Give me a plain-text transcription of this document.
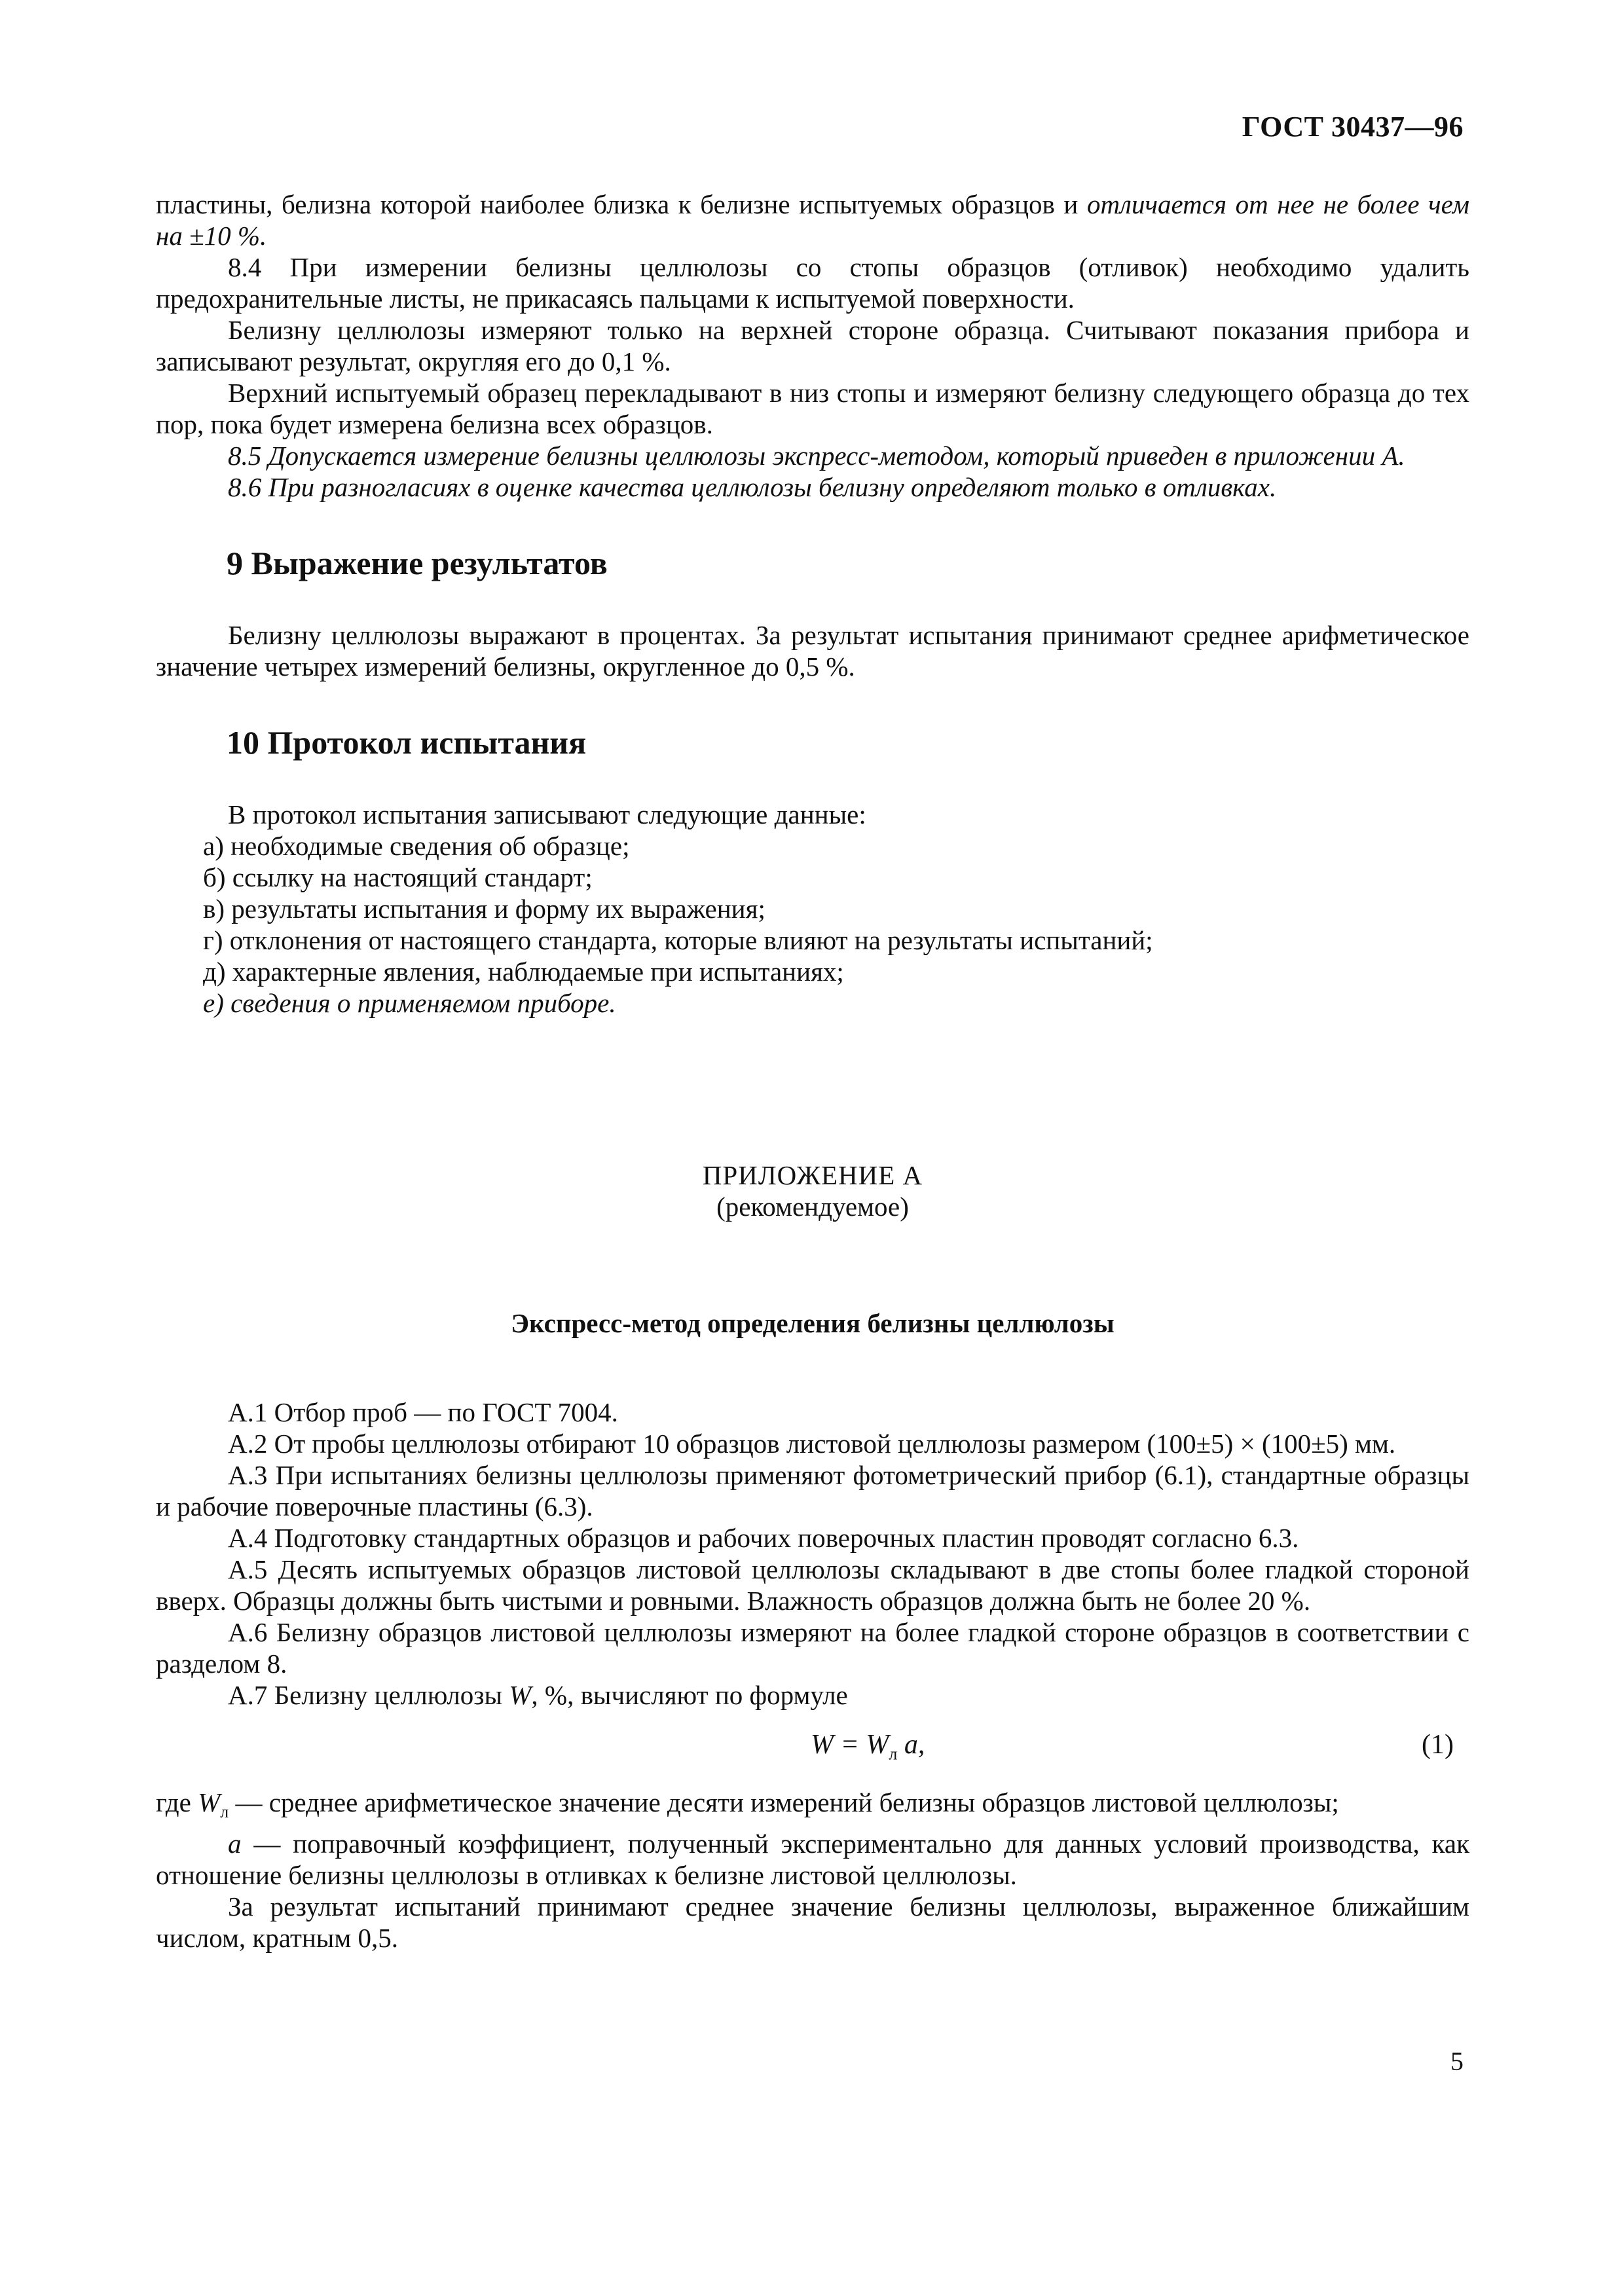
ГОСТ 30437—96

пластины, белизна которой наиболее близка к белизне испытуемых образцов и отличается от нее не более чем на ±10 %.

8.4 При измерении белизны целлюлозы со стопы образцов (отливок) необходимо удалить предохранительные листы, не прикасаясь пальцами к испытуемой поверхности.

Белизну целлюлозы измеряют только на верхней стороне образца. Считывают показания прибора и записывают результат, округляя его до 0,1 %.

Верхний испытуемый образец перекладывают в низ стопы и измеряют белизну следующего образца до тех пор, пока будет измерена белизна всех образцов.

8.5 Допускается измерение белизны целлюлозы экспресс-методом, который приведен в приложении А.

8.6 При разногласиях в оценке качества целлюлозы белизну определяют только в отливках.

9 Выражение результатов

Белизну целлюлозы выражают в процентах. За результат испытания принимают среднее арифметическое значение четырех измерений белизны, округленное до 0,5 %.

10 Протокол испытания

В протокол испытания записывают следующие данные:

а) необходимые сведения об образце;

б) ссылку на настоящий стандарт;

в) результаты испытания и форму их выражения;

г) отклонения от настоящего стандарта, которые влияют на результаты испытаний;

д) характерные явления, наблюдаемые при испытаниях;

е) сведения о применяемом приборе.

ПРИЛОЖЕНИЕ А

(рекомендуемое)

Экспресс-метод определения белизны целлюлозы

А.1 Отбор проб — по ГОСТ 7004.

А.2 От пробы целлюлозы отбирают 10 образцов листовой целлюлозы размером (100±5) × (100±5) мм.

А.3 При испытаниях белизны целлюлозы применяют фотометрический прибор (6.1), стандартные образцы и рабочие поверочные пластины (6.3).

А.4 Подготовку стандартных образцов и рабочих поверочных пластин проводят согласно 6.3.

А.5 Десять испытуемых образцов листовой целлюлозы складывают в две стопы более гладкой стороной вверх. Образцы должны быть чистыми и ровными. Влажность образцов должна быть не более 20 %.

А.6 Белизну образцов листовой целлюлозы измеряют на более гладкой стороне образцов в соответствии с разделом 8.

А.7 Белизну целлюлозы W, %, вычисляют по формуле

$W = W_л$ a,	(1)

где $W_л$ — среднее арифметическое значение десяти измерений белизны образцов листовой целлюлозы;

a — поправочный коэффициент, полученный экспериментально для данных условий производства, как отношение белизны целлюлозы в отливках к белизне листовой целлюлозы.

За результат испытаний принимают среднее значение белизны целлюлозы, выраженное ближайшим числом, кратным 0,5.

5
